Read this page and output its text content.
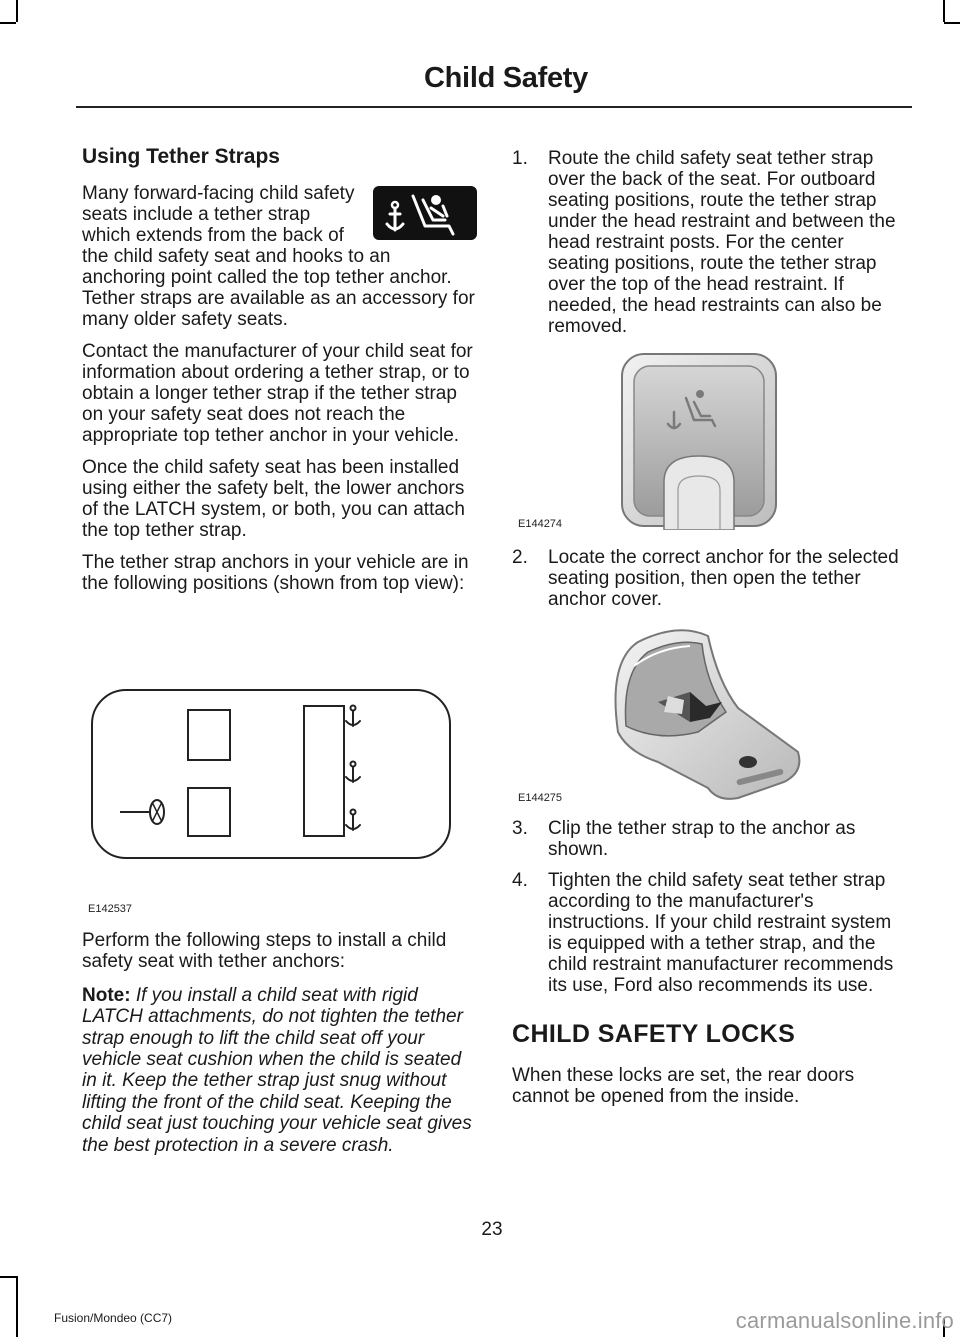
Child Safety
Using Tether Straps

Many forward-facing child safety seats include a tether strap which extends from the back of the child safety seat and hooks to an anchoring point called the top tether anchor. Tether straps are available as an accessory for many older safety seats.

Contact the manufacturer of your child seat for information about ordering a tether strap, or to obtain a longer tether strap if the tether strap on your safety seat does not reach the appropriate top tether anchor in your vehicle.

Once the child safety seat has been installed using either the safety belt, the lower anchors of the LATCH system, or both, you can attach the top tether strap.

The tether strap anchors in your vehicle are in the following positions (shown from top view):

E142537

Perform the following steps to install a child safety seat with tether anchors:

Note: If you install a child seat with rigid LATCH attachments, do not tighten the tether strap enough to lift the child seat off your vehicle seat cushion when the child is seated in it. Keep the tether strap just snug without lifting the front of the child seat. Keeping the child seat just touching your vehicle seat gives the best protection in a severe crash.

1. Route the child safety seat tether strap over the back of the seat. For outboard seating positions, route the tether strap under the head restraint and between the head restraint posts. For the center seating positions, route the tether strap over the top of the head restraint. If needed, the head restraints can also be removed.
E144274
2. Locate the correct anchor for the selected seating position, then open the tether anchor cover.
E144275
3. Clip the tether strap to the anchor as shown.
4. Tighten the child safety seat tether strap according to the manufacturer's instructions. If your child restraint system is equipped with a tether strap, and the child restraint manufacturer recommends its use, Ford also recommends its use.
CHILD SAFETY LOCKS

When these locks are set, the rear doors cannot be opened from the inside.

23
Fusion/Mondeo (CC7)	carmanualsonline.info
